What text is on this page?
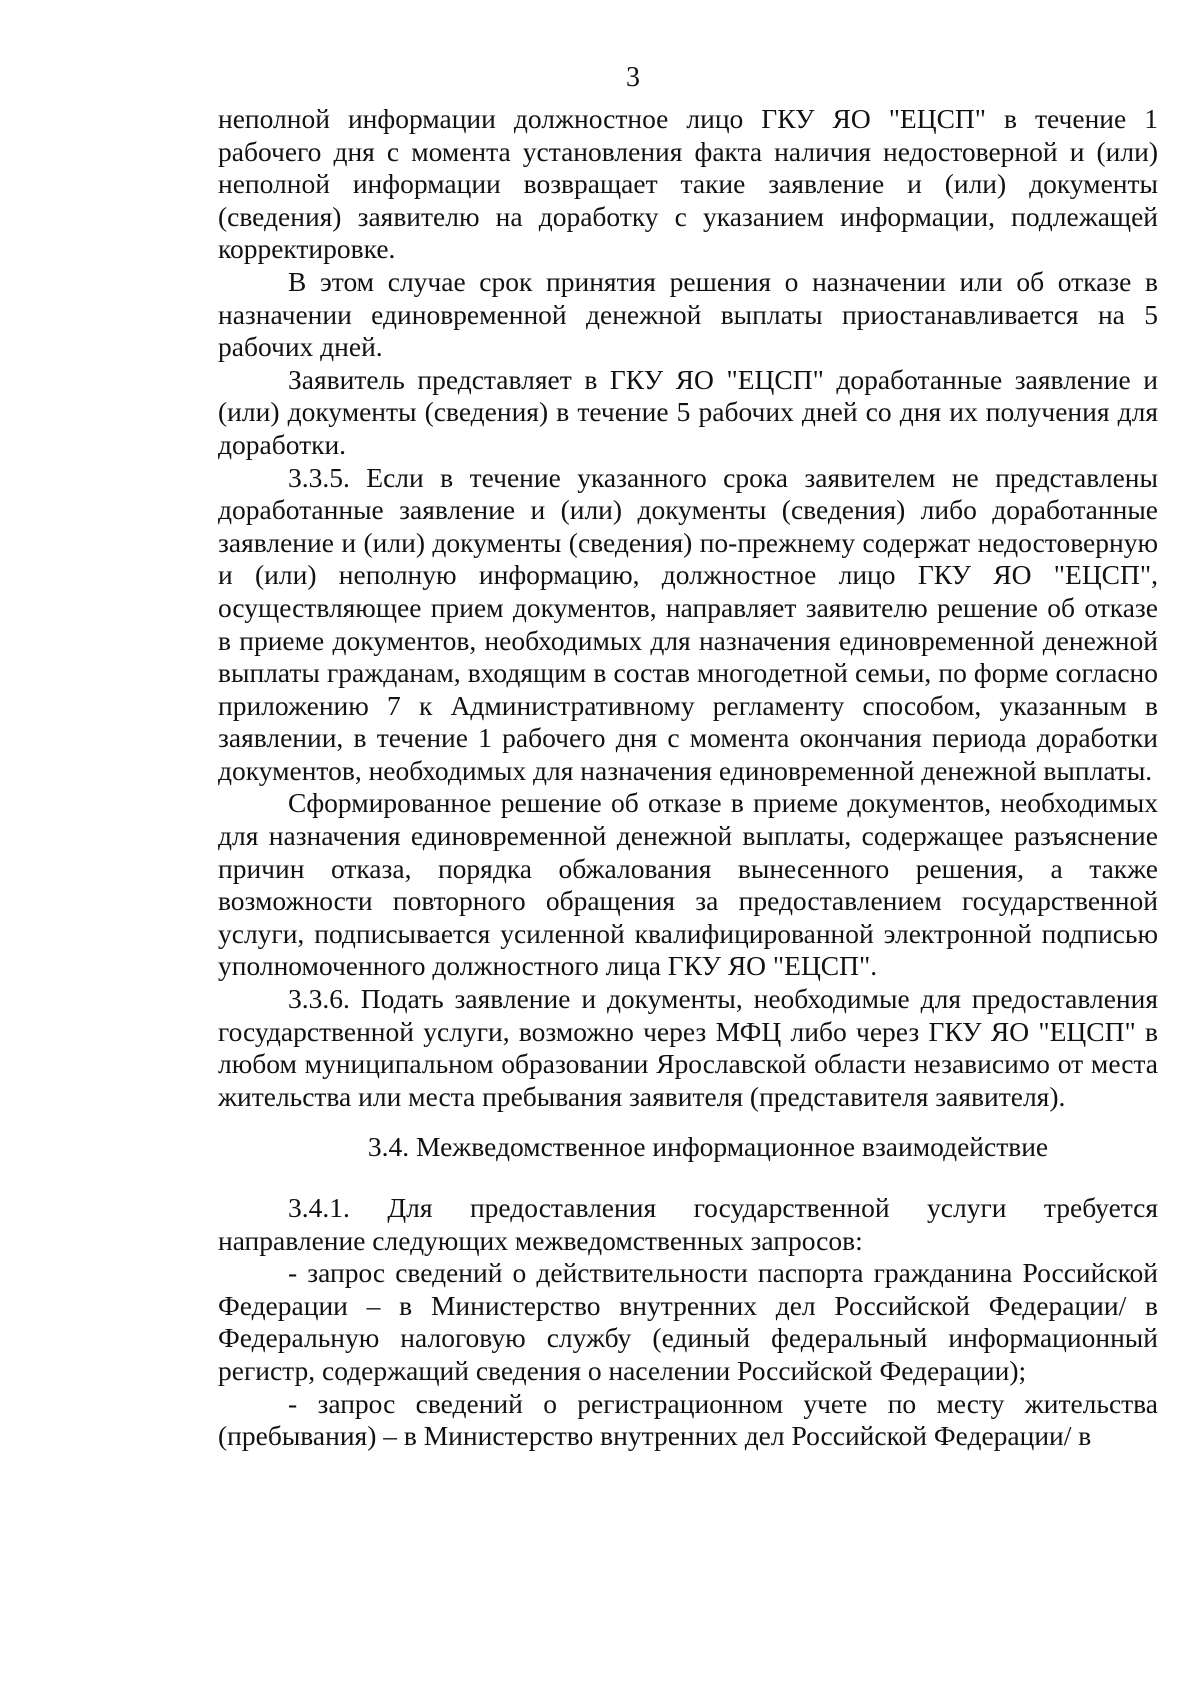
3

неполной информации должностное лицо ГКУ ЯО "ЕЦСП" в течение 1 рабочего дня с момента установления факта наличия недостоверной и (или) неполной информации возвращает такие заявление и (или) документы (сведения) заявителю на доработку с указанием информации, подлежащей корректировке.

В этом случае срок принятия решения о назначении или об отказе в назначении единовременной денежной выплаты приостанавливается на 5 рабочих дней.

Заявитель представляет в ГКУ ЯО "ЕЦСП" доработанные заявление и (или) документы (сведения) в течение 5 рабочих дней со дня их получения для доработки.

3.3.5. Если в течение указанного срока заявителем не представлены доработанные заявление и (или) документы (сведения) либо доработанные заявление и (или) документы (сведения) по-прежнему содержат недостоверную и (или) неполную информацию, должностное лицо ГКУ ЯО "ЕЦСП", осуществляющее прием документов, направляет заявителю решение об отказе в приеме документов, необходимых для назначения единовременной денежной выплаты гражданам, входящим в состав многодетной семьи, по форме согласно приложению 7 к Административному регламенту способом, указанным в заявлении, в течение 1 рабочего дня с момента окончания периода доработки документов, необходимых для назначения единовременной денежной выплаты.

Сформированное решение об отказе в приеме документов, необходимых для назначения единовременной денежной выплаты, содержащее разъяснение причин отказа, порядка обжалования вынесенного решения, а также возможности повторного обращения за предоставлением государственной услуги, подписывается усиленной квалифицированной электронной подписью уполномоченного должностного лица ГКУ ЯО "ЕЦСП".

3.3.6. Подать заявление и документы, необходимые для предоставления государственной услуги, возможно через МФЦ либо через ГКУ ЯО "ЕЦСП" в любом муниципальном образовании Ярославской области независимо от места жительства или места пребывания заявителя (представителя заявителя).

3.4. Межведомственное информационное взаимодействие

3.4.1. Для предоставления государственной услуги требуется направление следующих межведомственных запросов:

- запрос сведений о действительности паспорта гражданина Российской Федерации – в Министерство внутренних дел Российской Федерации/ в Федеральную налоговую службу (единый федеральный информационный регистр, содержащий сведения о населении Российской Федерации);

- запрос сведений о регистрационном учете по месту жительства (пребывания) – в Министерство внутренних дел Российской Федерации/ в
